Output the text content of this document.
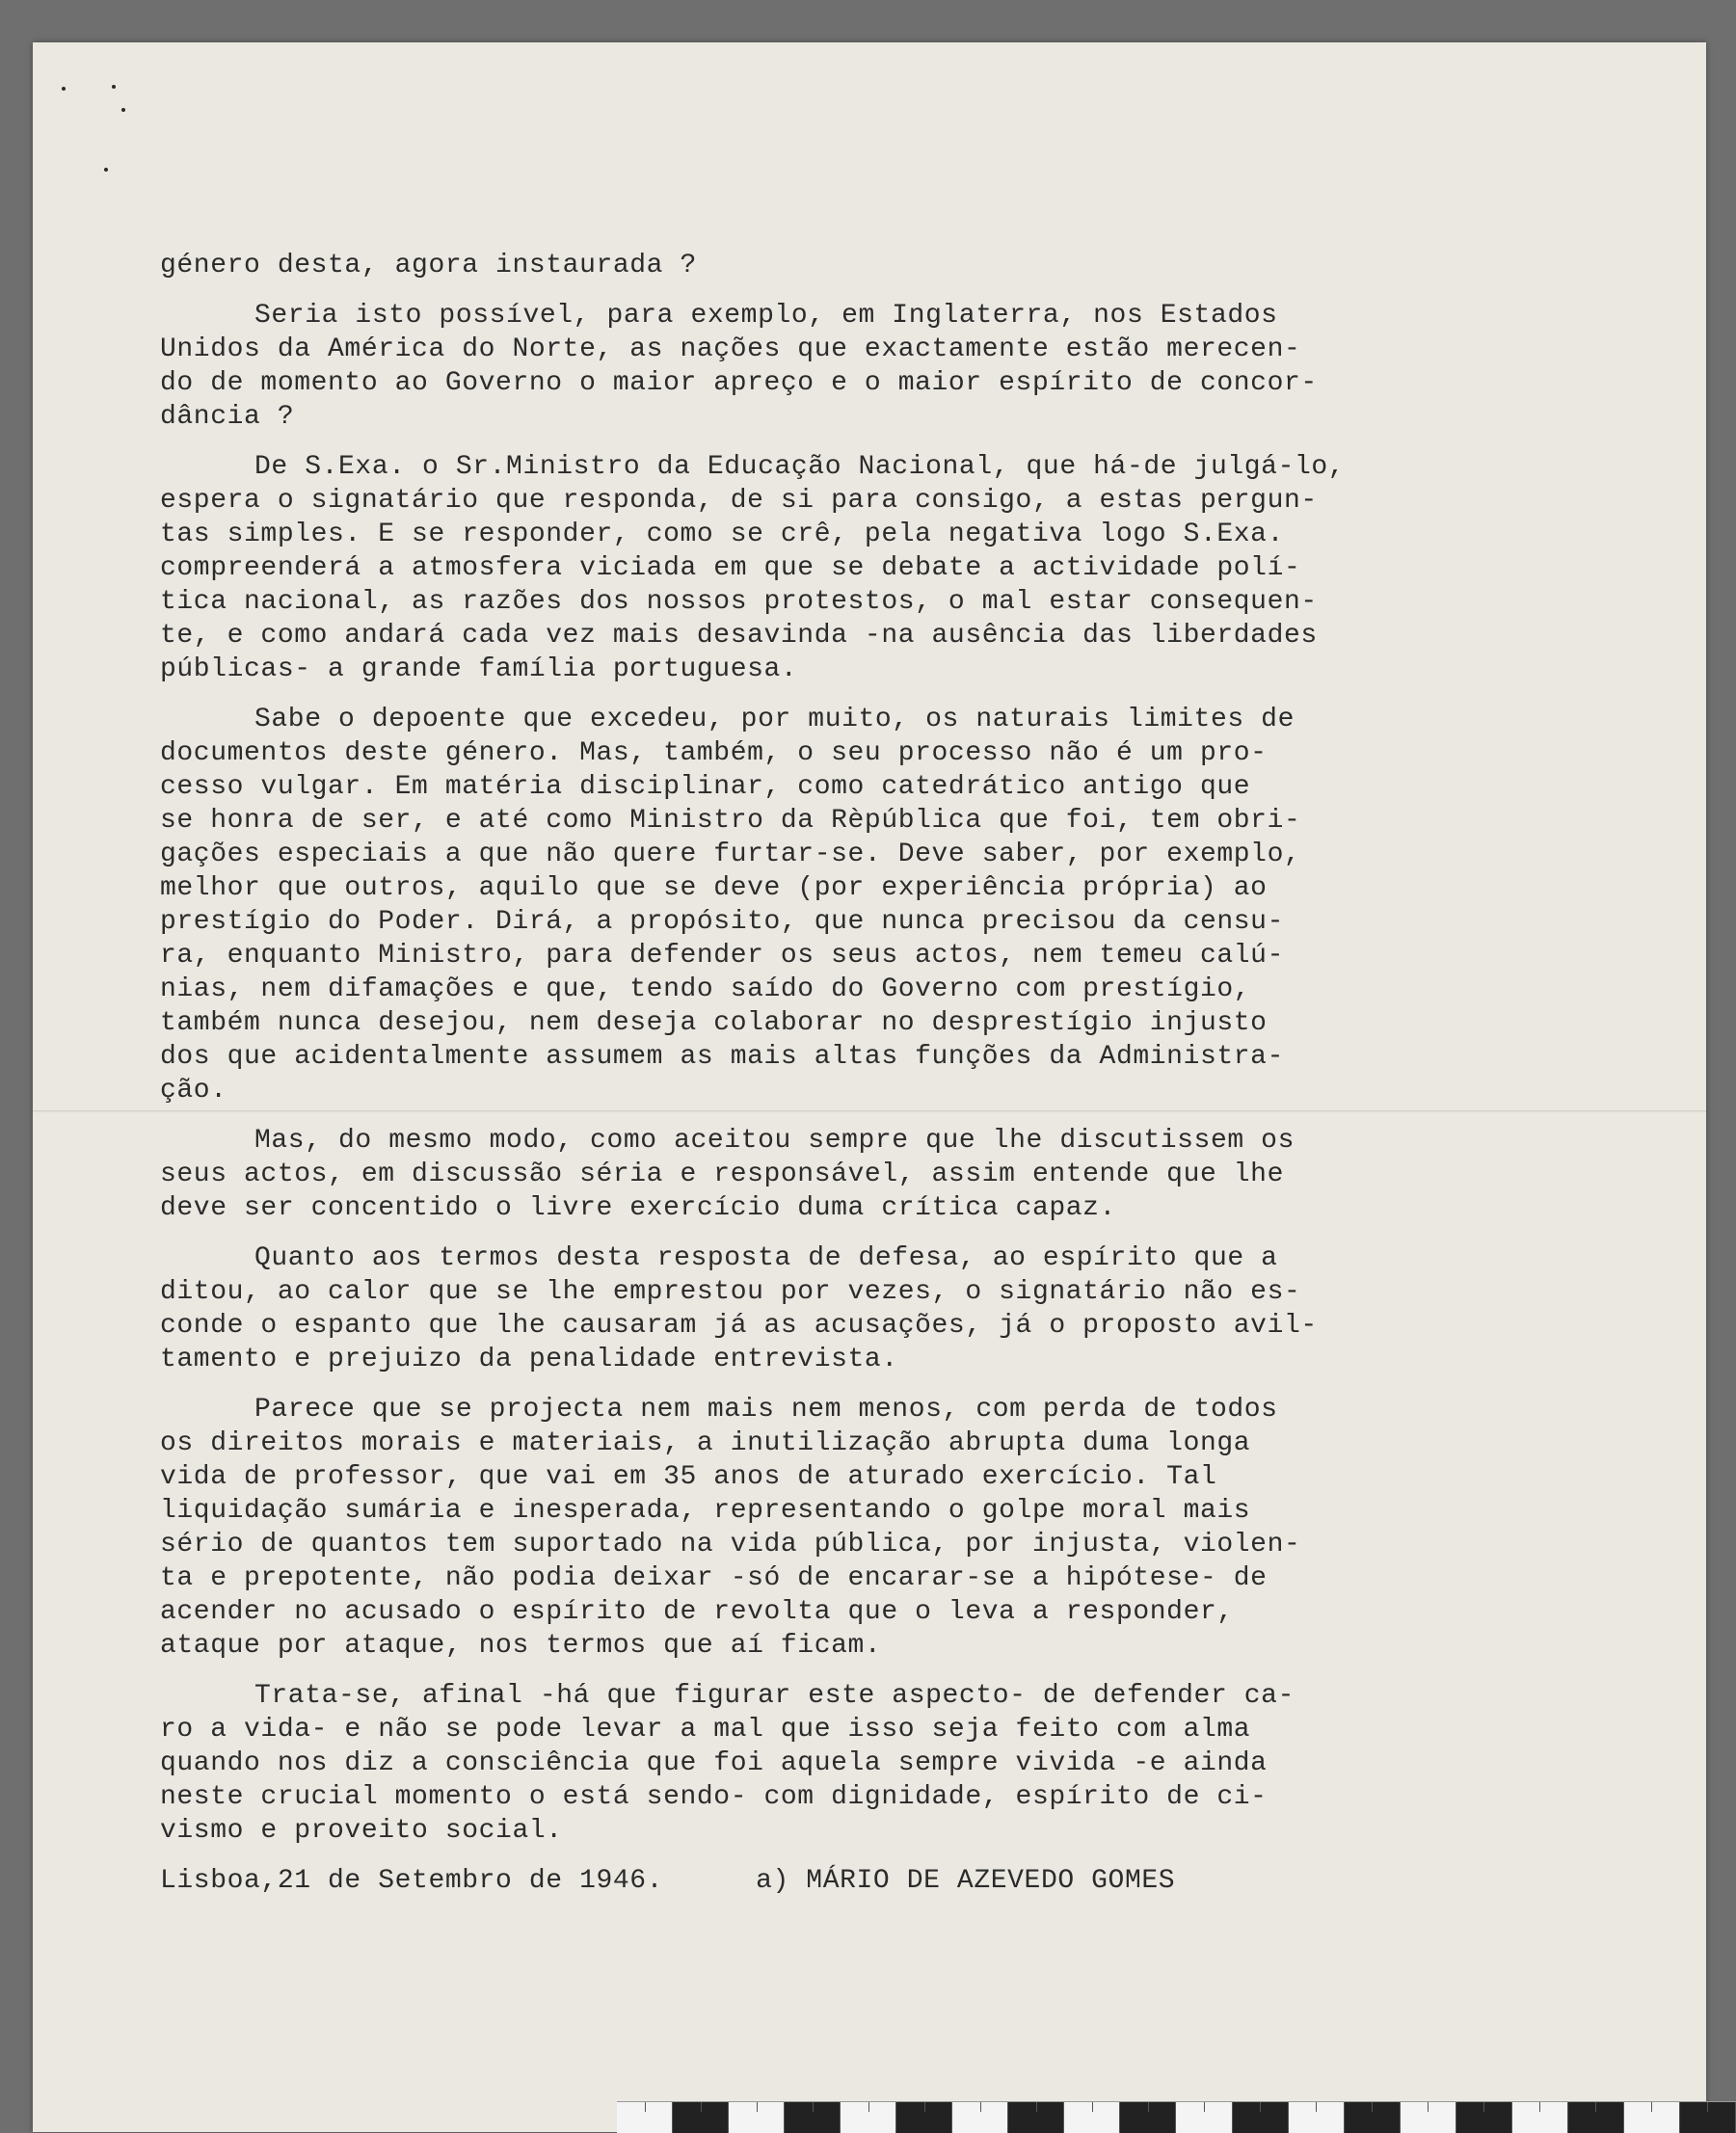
género desta, agora instaurada ?
Seria isto possível, para exemplo, em Inglaterra, nos Estados
Unidos da América do Norte, as nações que exactamente estão merecen-
do de momento ao Governo o maior apreço e o maior espírito de concor-
dância ?
De S.Exa. o Sr.Ministro da Educação Nacional, que há-de julgá-lo,
espera o signatário que responda, de si para consigo, a estas pergun-
tas simples. E se responder, como se crê, pela negativa logo S.Exa.
compreenderá a atmosfera viciada em que se debate a actividade polí-
tica nacional, as razões dos nossos protestos, o mal estar consequen-
te, e como andará cada vez mais desavinda -na ausência das liberdades
públicas- a grande família portuguesa.
Sabe o depoente que excedeu, por muito, os naturais limites de
documentos deste género. Mas, também, o seu processo não é um pro-
cesso vulgar. Em matéria disciplinar, como catedrático antigo que
se honra de ser, e até como Ministro da Rèpública que foi, tem obri-
gações especiais a que não quere furtar-se. Deve saber, por exemplo,
melhor que outros, aquilo que se deve (por experiência própria) ao
prestígio do Poder. Dirá, a propósito, que nunca precisou da censu-
ra, enquanto Ministro, para defender os seus actos, nem temeu calú-
nias, nem difamações e que, tendo saído do Governo com prestígio,
também nunca desejou, nem deseja colaborar no desprestígio injusto
dos que acidentalmente assumem as mais altas funções da Administra-
ção.
Mas, do mesmo modo, como aceitou sempre que lhe discutissem os
seus actos, em discussão séria e responsável, assim entende que lhe
deve ser concentido o livre exercício duma crítica capaz.
Quanto aos termos desta resposta de defesa, ao espírito que a
ditou, ao calor que se lhe emprestou por vezes, o signatário não es-
conde o espanto que lhe causaram já as acusações, já o proposto avil-
tamento e prejuizo da penalidade entrevista.
Parece que se projecta nem mais nem menos, com perda de todos
os direitos morais e materiais, a inutilização abrupta duma longa
vida de professor, que vai em 35 anos de aturado exercício. Tal
liquidação sumária e inesperada, representando o golpe moral mais
sério de quantos tem suportado na vida pública, por injusta, violen-
ta e prepotente, não podia deixar -só de encarar-se a hipótese- de
acender no acusado o espírito de revolta que o leva a responder,
ataque por ataque, nos termos que aí ficam.
Trata-se, afinal -há que figurar este aspecto- de defender ca-
ro a vida- e não se pode levar a mal que isso seja feito com alma
quando nos diz a consciência que foi aquela sempre vivida -e ainda
neste crucial momento o está sendo- com dignidade, espírito de ci-
vismo e proveito social.
Lisboa,21 de Setembro de 1946.	a) MÁRIO DE AZEVEDO GOMES
